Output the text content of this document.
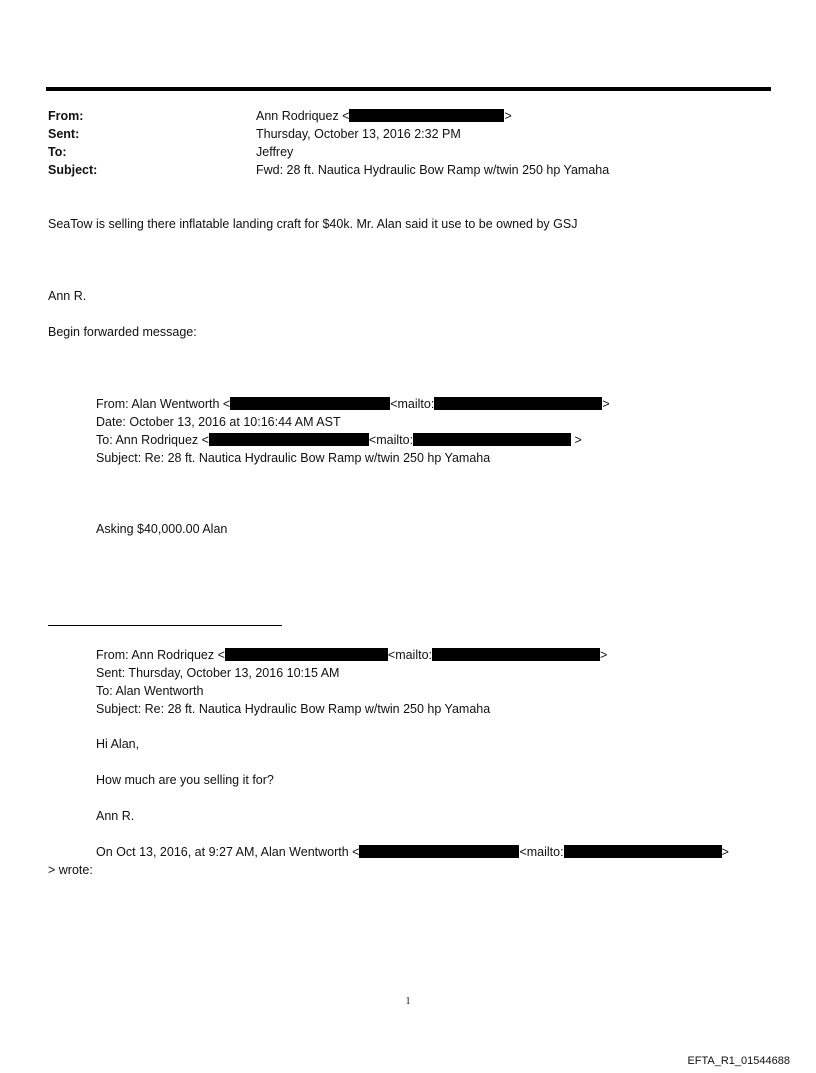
From:	Ann Rodriquez <	>
Sent:	Thursday, October 13, 2016 2:32 PM
To:	Jeffrey
Subject:	Fwd: 28 ft. Nautica Hydraulic Bow Ramp w/twin 250 hp Yamaha
SeaTow is selling there inflatable landing craft for $40k. Mr. Alan said it use to be owned by GSJ
Ann R.
Begin forwarded message:
From: Alan Wentworth <	<mailto:	>
Date: October 13, 2016 at 10:16:44 AM AST
To: Ann Rodriquez <	<mailto:	>
Subject: Re: 28 ft. Nautica Hydraulic Bow Ramp w/twin 250 hp Yamaha
Asking $40,000.00 Alan
From: Ann Rodriquez <	<mailto:	>
Sent: Thursday, October 13, 2016 10:15 AM
To: Alan Wentworth
Subject: Re: 28 ft. Nautica Hydraulic Bow Ramp w/twin 250 hp Yamaha
Hi Alan,
How much are you selling it for?
Ann R.
On Oct 13, 2016, at 9:27 AM, Alan Wentworth <	<mailto:	>
> wrote:
1
EFTA_R1_01544688
